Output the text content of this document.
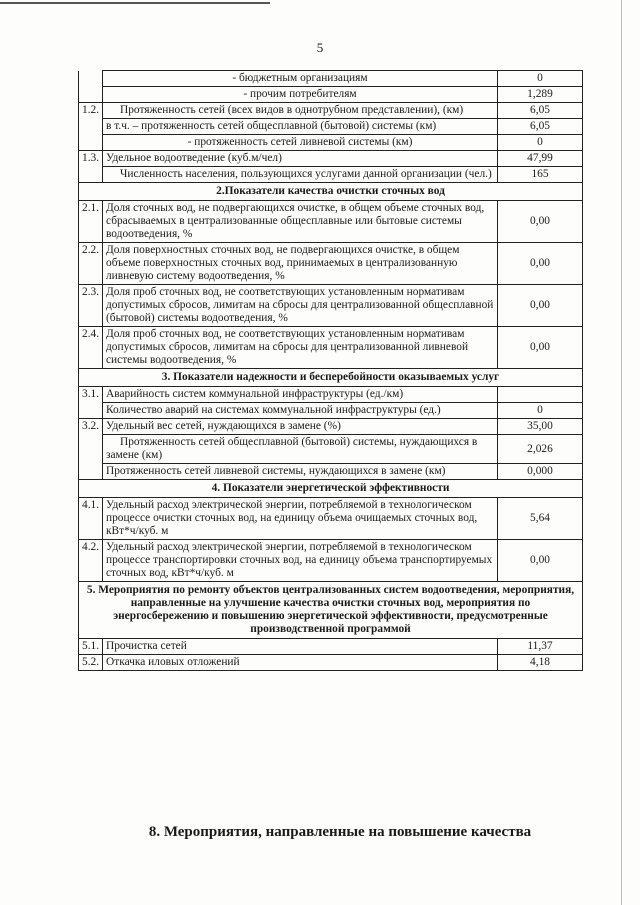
5
	- бюджетным организациям	0
	- прочим потребителям	1,289
1.2.	Протяженность сетей (всех видов в однотрубном представлении), (км)	6,05
	в т.ч. – протяженность сетей общесплавной (бытовой) системы (км)	6,05
	- протяженность сетей ливневой системы (км)	0
1.3.	Удельное водоотведение (куб.м/чел)	47,99
	Численность населения, пользующихся услугами данной организации (чел.)	165
2.Показатели качества очистки сточных вод		
2.1.	Доля сточных вод, не подвергающихся очистке, в общем объеме сточных вод, сбрасываемых в централизованные общесплавные или бытовые системы водоотведения, %	0,00
2.2.	Доля поверхностных сточных вод, не подвергающихся очистке, в общем объеме поверхностных сточных вод, принимаемых в централизованную ливневую систему водоотведения, %	0,00
2.3.	Доля проб сточных вод, не соответствующих установленным нормативам допустимых сбросов, лимитам на сбросы для централизованной общесплавной (бытовой) системы водоотведения, %	0,00
2.4.	Доля проб сточных вод, не соответствующих установленным нормативам допустимых сбросов, лимитам на сбросы для централизованной ливневой системы водоотведения, %	0,00
3. Показатели надежности и бесперебойности оказываемых услуг		
3.1.	Аварийность систем коммунальной инфраструктуры (ед./км)	
	Количество аварий на системах коммунальной инфраструктуры (ед.)	0
3.2.	Удельный вес сетей, нуждающихся в замене (%)	35,00
	Протяженность сетей общесплавной (бытовой) системы, нуждающихся в замене (км)	2,026
	Протяженность сетей ливневой системы, нуждающихся в замене (км)	0,000
4. Показатели энергетической эффективности		
4.1.	Удельный расход электрической энергии, потребляемой в технологическом процессе очистки сточных вод, на единицу объема очищаемых сточных вод, кВт*ч/куб. м	5,64
4.2.	Удельный расход электрической энергии, потребляемой в технологическом процессе транспортировки сточных вод, на единицу объема транспортируемых сточных вод, кВт*ч/куб. м	0,00
5. Мероприятия по ремонту объектов централизованных систем водоотведения, мероприятия, направленные на улучшение качества очистки сточных вод, мероприятия по энергосбережению и повышению энергетической эффективности, предусмотренные производственной программой		
5.1.	Прочистка сетей	11,37
5.2.	Откачка иловых отложений	4,18
8. Мероприятия, направленные на повышение качества
